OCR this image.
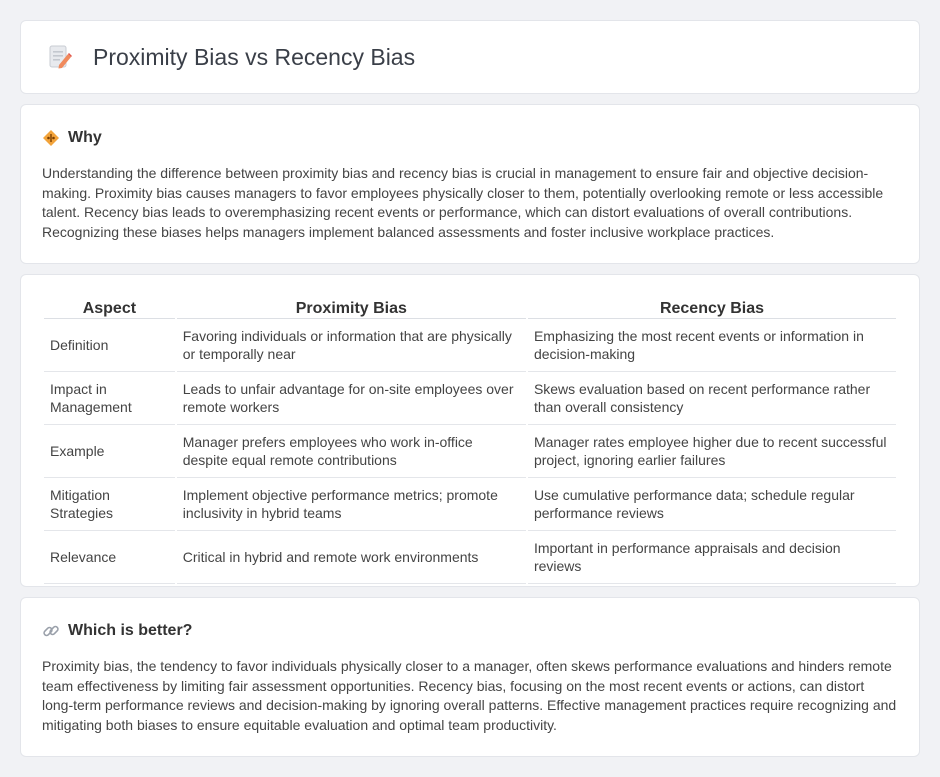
Proximity Bias vs Recency Bias
Why

Understanding the difference between proximity bias and recency bias is crucial in management to ensure fair and objective decision-making. Proximity bias causes managers to favor employees physically closer to them, potentially overlooking remote or less accessible talent. Recency bias leads to overemphasizing recent events or performance, which can distort evaluations of overall contributions. Recognizing these biases helps managers implement balanced assessments and foster inclusive workplace practices.

Aspect	Proximity Bias	Recency Bias
Definition	Favoring individuals or information that are physically or temporally near	Emphasizing the most recent events or information in decision-making
Impact in Management	Leads to unfair advantage for on-site employees over remote workers	Skews evaluation based on recent performance rather than overall consistency
Example	Manager prefers employees who work in-office despite equal remote contributions	Manager rates employee higher due to recent successful project, ignoring earlier failures
Mitigation Strategies	Implement objective performance metrics; promote inclusivity in hybrid teams	Use cumulative performance data; schedule regular performance reviews
Relevance	Critical in hybrid and remote work environments	Important in performance appraisals and decision reviews
Which is better?

Proximity bias, the tendency to favor individuals physically closer to a manager, often skews performance evaluations and hinders remote team effectiveness by limiting fair assessment opportunities. Recency bias, focusing on the most recent events or actions, can distort long-term performance reviews and decision-making by ignoring overall patterns. Effective management practices require recognizing and mitigating both biases to ensure equitable evaluation and optimal team productivity.
